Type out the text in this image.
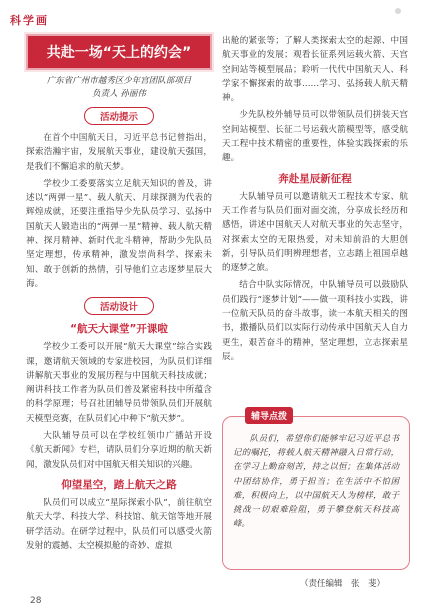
科学画
共赴一场“天上的约会”
广东省广州市越秀区少年宫团队部项目
负责人 孙丽伟
活动提示

在首个中国航天日，习近平总书记曾指出，探索浩瀚宇宙，发展航天事业，建设航天强国，是我们不懈追求的航天梦。

学校少工委要落实立足航天知识的普及，讲述以“两弹一星”、载人航天、月球探测为代表的辉煌成就，还要注重指导少先队员学习、弘扬中国航天人锻造出的“两弹一星”精神、载人航天精神、探月精神、新时代北斗精神，帮助少先队员坚定理想，传承精神，激发崇尚科学、探索未知、敢于创新的热情，引导他们立志逐梦星辰大海。

活动设计
“航天大课堂”开课啦

学校少工委可以开展“航天大课堂”综合实践课，邀请航天领域的专家进校园，为队员们详细讲解航天事业的发展历程与中国航天科技成就；阐讲科技工作者为队员们普及紧密科技中所蕴含的科学原理；号召社团辅导员带领队员们开展航天模型竞赛，在队员们心中种下“航天梦”。

大队辅导员可以在学校红领巾广播站开设《航天新闻》专栏，请队员们分享近期的航天新闻，激发队员们对中国航天相关知识的兴趣。

仰望星空，踏上航天之路

队员们可以成立“星际探索小队”，前往航空航天大学、科技大学、科技馆、航天馆等地开展研学活动。在研学过程中，队员们可以感受火箭发射的震撼、太空模拟舱的奇妙、虚拟

出舱的紧张等；了解人类探索太空的起源、中国航天事业的发展；观看长征系列运载火箭、天宫空间站等模型展品；聆听一代代中国航天人、科学家不懈探索的故事……学习、弘扬载人航天精神。

少先队校外辅导员可以带领队员们拼装天宫空间站模型、长征二号运载火箭模型等，感受航天工程中技术精密的重要性，体验实践探索的乐趣。

奔赴星辰新征程

大队辅导员可以邀请航天工程技术专家、航天工作者与队员们面对面交流，分享成长经历和感悟，讲述中国航天人对航天事业的矢志坚守，对探索太空的无限热爱，对未知前沿的大胆创新，引导队员们明辨理想者，立志踏上祖国卓越的逐梦之旅。

结合中队实际情况，中队辅导员可以鼓励队员们践行“逐梦计划”——做一项科技小实践，讲一位航天队员的奋斗故事，读一本航天相关的图书，撒播队员们以实际行动传承中国航天人自力更生，艰苦奋斗的精神，坚定理想，立志探索星辰。

辅导点拨
队员们，希望你们能够牢记习近平总书记的嘱托，将载人航天精神融入日常行动，在学习上勤奋刻苦，持之以恒；在集体活动中团结协作，勇于担当；在生活中不怕困难，积极向上，以中国航天人为榜样，敢于挑战一切艰难险阻，勇于攀登航天科技高峰。
（责任编辑　张　斐）
28
